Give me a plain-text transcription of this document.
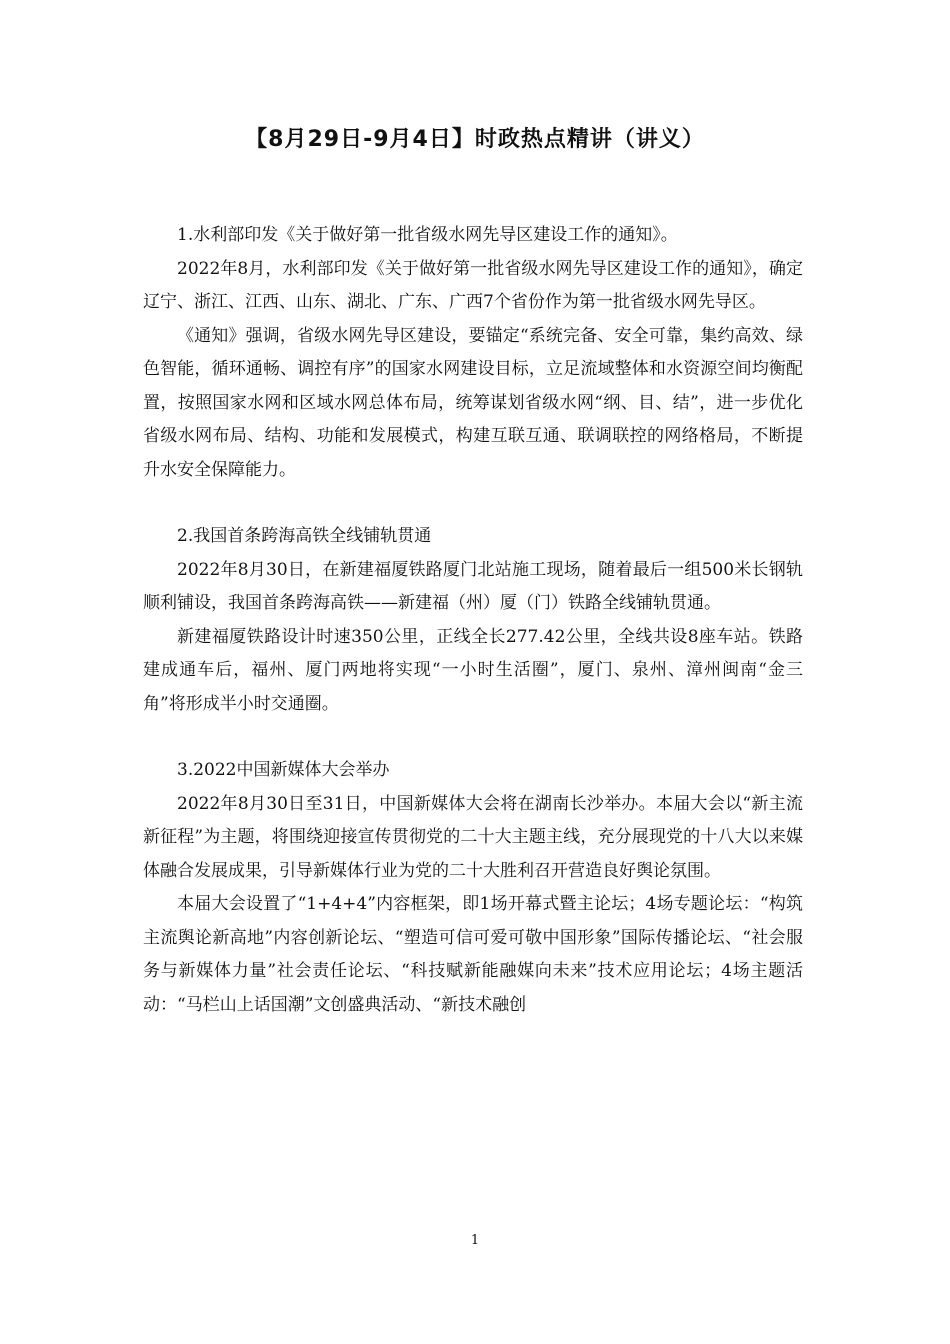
【8月29日-9月4日】时政热点精讲（讲义）

1.水利部印发《关于做好第一批省级水网先导区建设工作的通知》。

2022年8月，水利部印发《关于做好第一批省级水网先导区建设工作的通知》，确定辽宁、浙江、江西、山东、湖北、广东、广西7个省份作为第一批省级水网先导区。

《通知》强调，省级水网先导区建设，要锚定“系统完备、安全可靠，集约高效、绿色智能，循环通畅、调控有序”的国家水网建设目标，立足流域整体和水资源空间均衡配置，按照国家水网和区域水网总体布局，统筹谋划省级水网“纲、目、结”，进一步优化省级水网布局、结构、功能和发展模式，构建互联互通、联调联控的网络格局，不断提升水安全保障能力。

2.我国首条跨海高铁全线铺轨贯通

2022年8月30日，在新建福厦铁路厦门北站施工现场，随着最后一组500米长钢轨顺利铺设，我国首条跨海高铁——新建福（州）厦（门）铁路全线铺轨贯通。

新建福厦铁路设计时速350公里，正线全长277.42公里，全线共设8座车站。铁路建成通车后，福州、厦门两地将实现“一小时生活圈”，厦门、泉州、漳州闽南“金三角”将形成半小时交通圈。

3.2022中国新媒体大会举办

2022年8月30日至31日，中国新媒体大会将在湖南长沙举办。本届大会以“新主流新征程”为主题，将围绕迎接宣传贯彻党的二十大主题主线，充分展现党的十八大以来媒体融合发展成果，引导新媒体行业为党的二十大胜利召开营造良好舆论氛围。

本届大会设置了“1+4+4”内容框架，即1场开幕式暨主论坛；4场专题论坛：“构筑主流舆论新高地”内容创新论坛、“塑造可信可爱可敬中国形象”国际传播论坛、“社会服务与新媒体力量”社会责任论坛、“科技赋新能融媒向未来”技术应用论坛；4场主题活动：“马栏山上话国潮”文创盛典活动、“新技术融创

1
